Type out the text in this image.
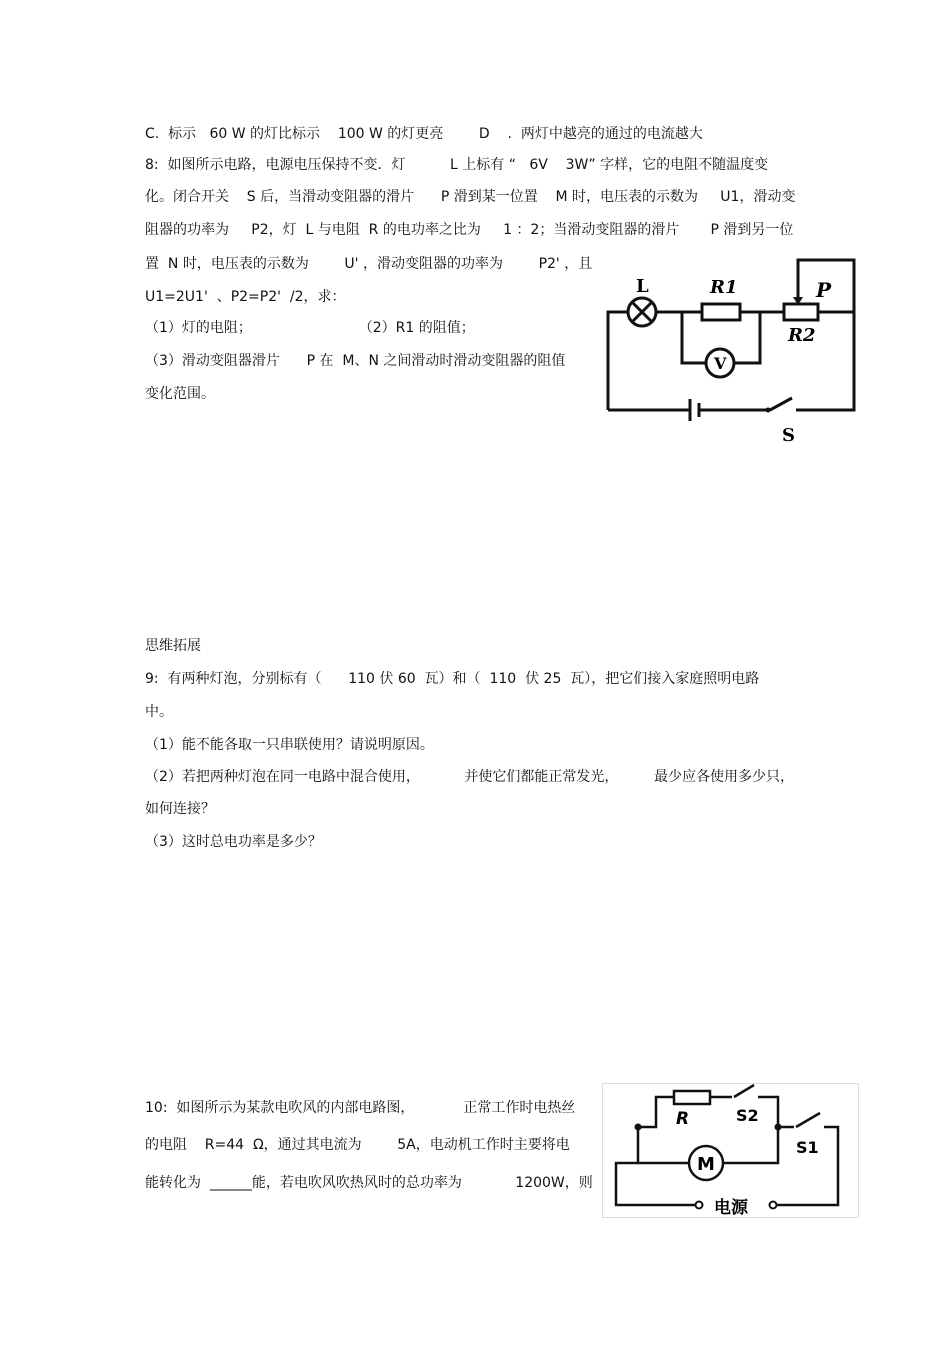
C.  标示   60 W 的灯比标示    100 W 的灯更亮        D    .  两灯中越亮的通过的电流越大
8:  如图所示电路，电源电压保持不变．灯          L 上标有 “   6V    3W” 字样，它的电阻不随温度变
化。闭合开关    S 后，当滑动变阻器的滑片      P 滑到某一位置    M 时，电压表的示数为     U1，滑动变
阻器的功率为     P2，灯  L 与电阻  R 的电功率之比为     1 ：2；当滑动变阻器的滑片       P 滑到另一位
置  N 时，电压表的示数为        U' ，滑动变阻器的功率为        P2' ，且
U1=2U1'  、P2=P2'  /2，求：
（1）灯的电阻；                        （2）R1 的阻值；
（3）滑动变阻器滑片      P 在  M、N 之间滑动时滑动变阻器的阻值
变化范围。
L	R1	P
R2
V
S
思维拓展
9:  有两种灯泡，分别标有（      110 伏 60  瓦）和（  110  伏 25  瓦），把它们接入家庭照明电路
中。
（1）能不能各取一只串联使用？请说明原因。
（2）若把两种灯泡在同一电路中混合使用，          并使它们都能正常发光，        最少应各使用多少只，
如何连接？
（3）这时总电功率是多少？
10:  如图所示为某款电吹风的内部电路图，           正常工作时电热丝
的电阻    R=44  Ω，通过其电流为        5A，电动机工作时主要将电
能转化为  ______能，若电吹风吹热风时的总功率为            1200W，则
R	S2
S1
M
电源
